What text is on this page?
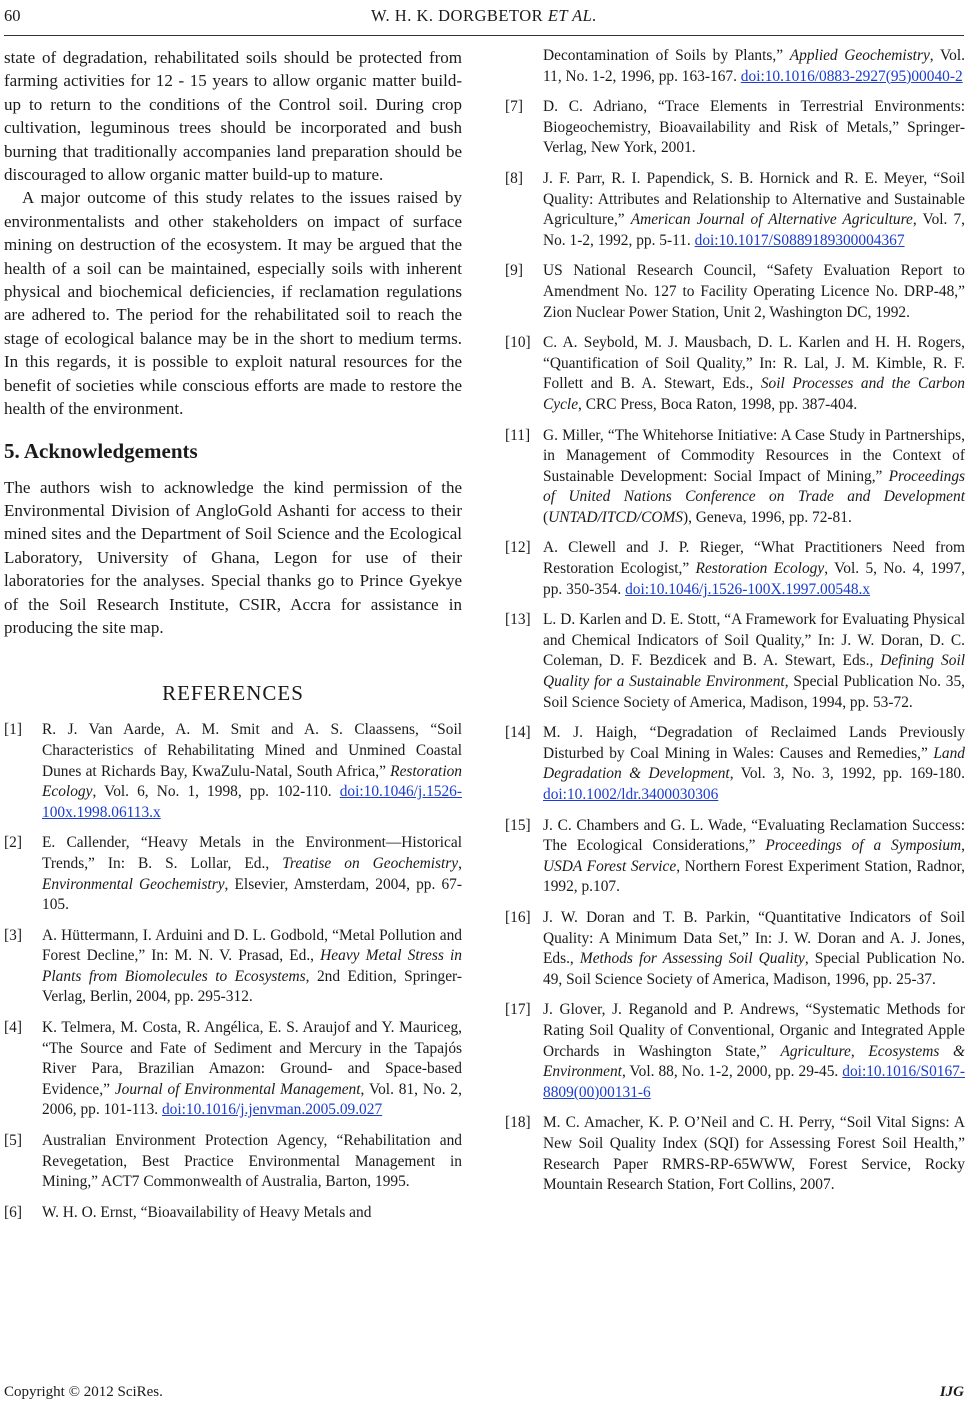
60	W. H. K. DORGBETOR ET AL.

state of degradation, rehabilitated soils should be protected from farming activities for 12 - 15 years to allow organic matter build-up to return to the conditions of the Control soil. During crop cultivation, leguminous trees should be incorporated and bush burning that traditionally accompanies land preparation should be discouraged to allow organic matter build-up to mature.

A major outcome of this study relates to the issues raised by environmentalists and other stakeholders on impact of surface mining on destruction of the ecosystem. It may be argued that the health of a soil can be maintained, especially soils with inherent physical and biochemical deficiencies, if reclamation regulations are adhered to. The period for the rehabilitated soil to reach the stage of ecological balance may be in the short to medium terms. In this regards, it is possible to exploit natural resources for the benefit of societies while conscious efforts are made to restore the health of the environment.

5. Acknowledgements

The authors wish to acknowledge the kind permission of the Environmental Division of AngloGold Ashanti for access to their mined sites and the Department of Soil Science and the Ecological Laboratory, University of Ghana, Legon for use of their laboratories for the analyses. Special thanks go to Prince Gyekye of the Soil Research Institute, CSIR, Accra for assistance in producing the site map.

REFERENCES
[1]	R. J. Van Aarde, A. M. Smit and A. S. Claassens, “Soil Characteristics of Rehabilitating Mined and Unmined Coastal Dunes at Richards Bay, KwaZulu-Natal, South Africa,” Restoration Ecology, Vol. 6, No. 1, 1998, pp. 102-110. doi:10.1046/j.1526-100x.1998.06113.x
[2]	E. Callender, “Heavy Metals in the Environment—Historical Trends,” In: B. S. Lollar, Ed., Treatise on Geochemistry, Environmental Geochemistry, Elsevier, Amsterdam, 2004, pp. 67-105.
[3]	A. Hüttermann, I. Arduini and D. L. Godbold, “Metal Pollution and Forest Decline,” In: M. N. V. Prasad, Ed., Heavy Metal Stress in Plants from Biomolecules to Ecosystems, 2nd Edition, Springer-Verlag, Berlin, 2004, pp. 295-312.
[4]	K. Telmera, M. Costa, R. Angélica, E. S. Araujof and Y. Mauriceg, “The Source and Fate of Sediment and Mercury in the Tapajós River Para, Brazilian Amazon: Ground- and Space-based Evidence,” Journal of Environmental Management, Vol. 81, No. 2, 2006, pp. 101-113. doi:10.1016/j.jenvman.2005.09.027
[5]	Australian Environment Protection Agency, “Rehabilitation and Revegetation, Best Practice Environmental Management in Mining,” ACT7 Commonwealth of Australia, Barton, 1995.
[6]	W. H. O. Ernst, “Bioavailability of Heavy Metals and
Decontamination of Soils by Plants,” Applied Geochemistry, Vol. 11, No. 1-2, 1996, pp. 163-167. doi:10.1016/0883-2927(95)00040-2
[7]	D. C. Adriano, “Trace Elements in Terrestrial Environments: Biogeochemistry, Bioavailability and Risk of Metals,” Springer-Verlag, New York, 2001.
[8]	J. F. Parr, R. I. Papendick, S. B. Hornick and R. E. Meyer, “Soil Quality: Attributes and Relationship to Alternative and Sustainable Agriculture,” American Journal of Alternative Agriculture, Vol. 7, No. 1-2, 1992, pp. 5-11. doi:10.1017/S0889189300004367
[9]	US National Research Council, “Safety Evaluation Report to Amendment No. 127 to Facility Operating Licence No. DRP-48,” Zion Nuclear Power Station, Unit 2, Washington DC, 1992.
[10] C. A. Seybold, M. J. Mausbach, D. L. Karlen and H. H. Rogers, “Quantification of Soil Quality,” In: R. Lal, J. M. Kimble, R. F. Follett and B. A. Stewart, Eds., Soil Processes and the Carbon Cycle, CRC Press, Boca Raton, 1998, pp. 387-404.
[11] G. Miller, “The Whitehorse Initiative: A Case Study in Partnerships, in Management of Commodity Resources in the Context of Sustainable Development: Social Impact of Mining,” Proceedings of United Nations Conference on Trade and Development (UNTAD/ITCD/COMS), Geneva, 1996, pp. 72-81.
[12] A. Clewell and J. P. Rieger, “What Practitioners Need from Restoration Ecologist,” Restoration Ecology, Vol. 5, No. 4, 1997, pp. 350-354. doi:10.1046/j.1526-100X.1997.00548.x
[13] L. D. Karlen and D. E. Stott, “A Framework for Evaluating Physical and Chemical Indicators of Soil Quality,” In: J. W. Doran, D. C. Coleman, D. F. Bezdicek and B. A. Stewart, Eds., Defining Soil Quality for a Sustainable Environment, Special Publication No. 35, Soil Science Society of America, Madison, 1994, pp. 53-72.
[14] M. J. Haigh, “Degradation of Reclaimed Lands Previously Disturbed by Coal Mining in Wales: Causes and Remedies,” Land Degradation & Development, Vol. 3, No. 3, 1992, pp. 169-180. doi:10.1002/ldr.3400030306
[15] J. C. Chambers and G. L. Wade, “Evaluating Reclamation Success: The Ecological Considerations,” Proceedings of a Symposium, USDA Forest Service, Northern Forest Experiment Station, Radnor, 1992, p.107.
[16] J. W. Doran and T. B. Parkin, “Quantitative Indicators of Soil Quality: A Minimum Data Set,” In: J. W. Doran and A. J. Jones, Eds., Methods for Assessing Soil Quality, Special Publication No. 49, Soil Science Society of America, Madison, 1996, pp. 25-37.
[17] J. Glover, J. Reganold and P. Andrews, “Systematic Methods for Rating Soil Quality of Conventional, Organic and Integrated Apple Orchards in Washington State,” Agriculture, Ecosystems & Environment, Vol. 88, No. 1-2, 2000, pp. 29-45. doi:10.1016/S0167-8809(00)00131-6
[18] M. C. Amacher, K. P. O’Neil and C. H. Perry, “Soil Vital Signs: A New Soil Quality Index (SQI) for Assessing Forest Soil Health,” Research Paper RMRS-RP-65WWW, Forest Service, Rocky Mountain Research Station, Fort Collins, 2007.
Copyright © 2012 SciRes.	IJG
